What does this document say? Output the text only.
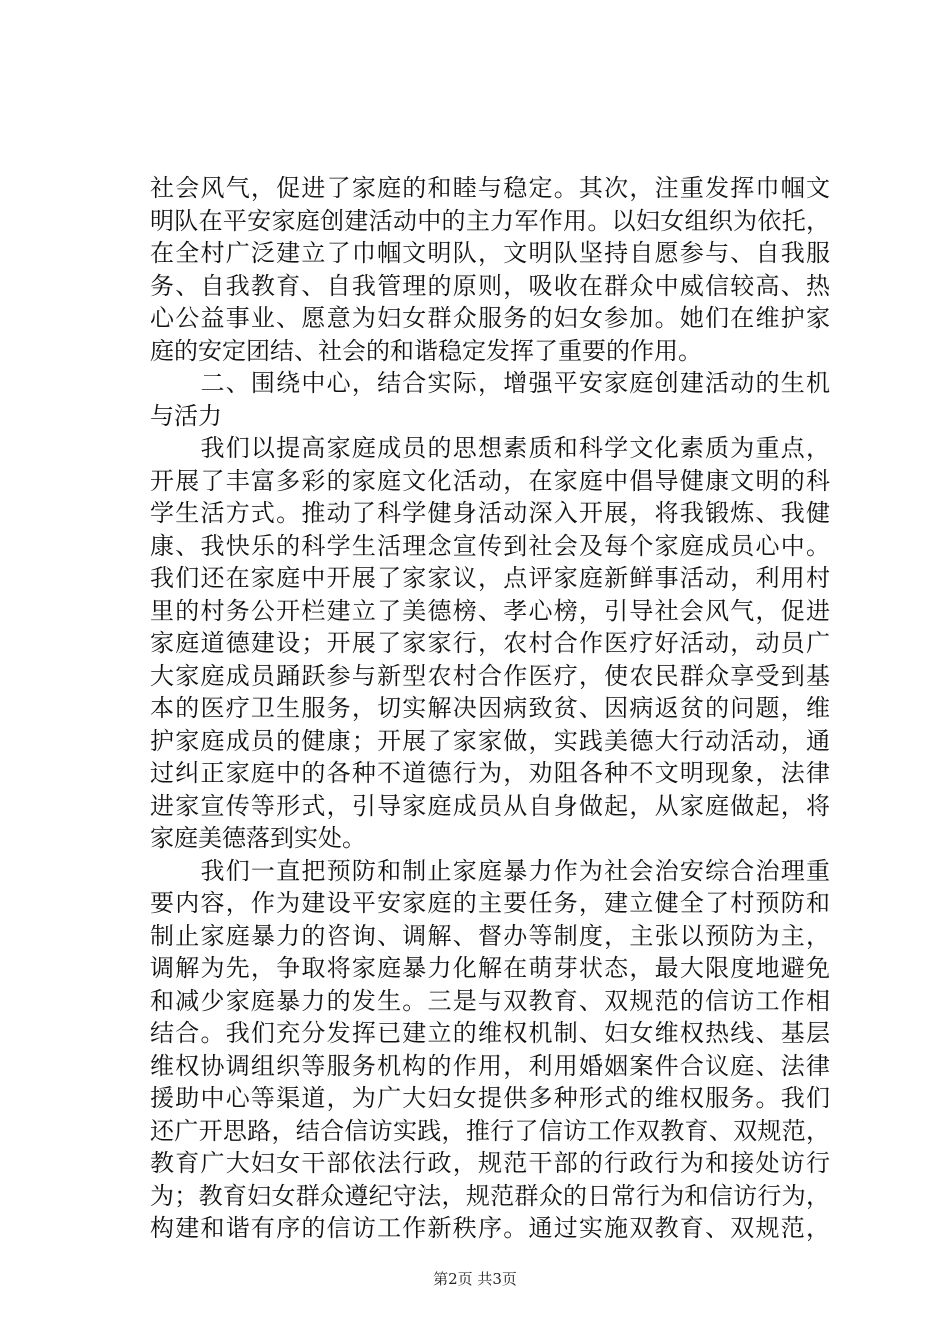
社会风气，促进了家庭的和睦与稳定。其次，注重发挥巾帼文
明队在平安家庭创建活动中的主力军作用。以妇女组织为依托，
在全村广泛建立了巾帼文明队，文明队坚持自愿参与、自我服
务、自我教育、自我管理的原则，吸收在群众中威信较高、热
心公益事业、愿意为妇女群众服务的妇女参加。她们在维护家
庭的安定团结、社会的和谐稳定发挥了重要的作用。
　　二、围绕中心，结合实际，增强平安家庭创建活动的生机
与活力
　　我们以提高家庭成员的思想素质和科学文化素质为重点，
开展了丰富多彩的家庭文化活动，在家庭中倡导健康文明的科
学生活方式。推动了科学健身活动深入开展，将我锻炼、我健
康、我快乐的科学生活理念宣传到社会及每个家庭成员心中。
我们还在家庭中开展了家家议，点评家庭新鲜事活动，利用村
里的村务公开栏建立了美德榜、孝心榜，引导社会风气，促进
家庭道德建设；开展了家家行，农村合作医疗好活动，动员广
大家庭成员踊跃参与新型农村合作医疗，使农民群众享受到基
本的医疗卫生服务，切实解决因病致贫、因病返贫的问题，维
护家庭成员的健康；开展了家家做，实践美德大行动活动，通
过纠正家庭中的各种不道德行为，劝阻各种不文明现象，法律
进家宣传等形式，引导家庭成员从自身做起，从家庭做起，将
家庭美德落到实处。
　　我们一直把预防和制止家庭暴力作为社会治安综合治理重
要内容，作为建设平安家庭的主要任务，建立健全了村预防和
制止家庭暴力的咨询、调解、督办等制度，主张以预防为主，
调解为先，争取将家庭暴力化解在萌芽状态，最大限度地避免
和减少家庭暴力的发生。三是与双教育、双规范的信访工作相
结合。我们充分发挥已建立的维权机制、妇女维权热线、基层
维权协调组织等服务机构的作用，利用婚姻案件合议庭、法律
援助中心等渠道，为广大妇女提供多种形式的维权服务。我们
还广开思路，结合信访实践，推行了信访工作双教育、双规范，
教育广大妇女干部依法行政，规范干部的行政行为和接处访行
为；教育妇女群众遵纪守法，规范群众的日常行为和信访行为，
构建和谐有序的信访工作新秩序。通过实施双教育、双规范，
第2页 共3页
